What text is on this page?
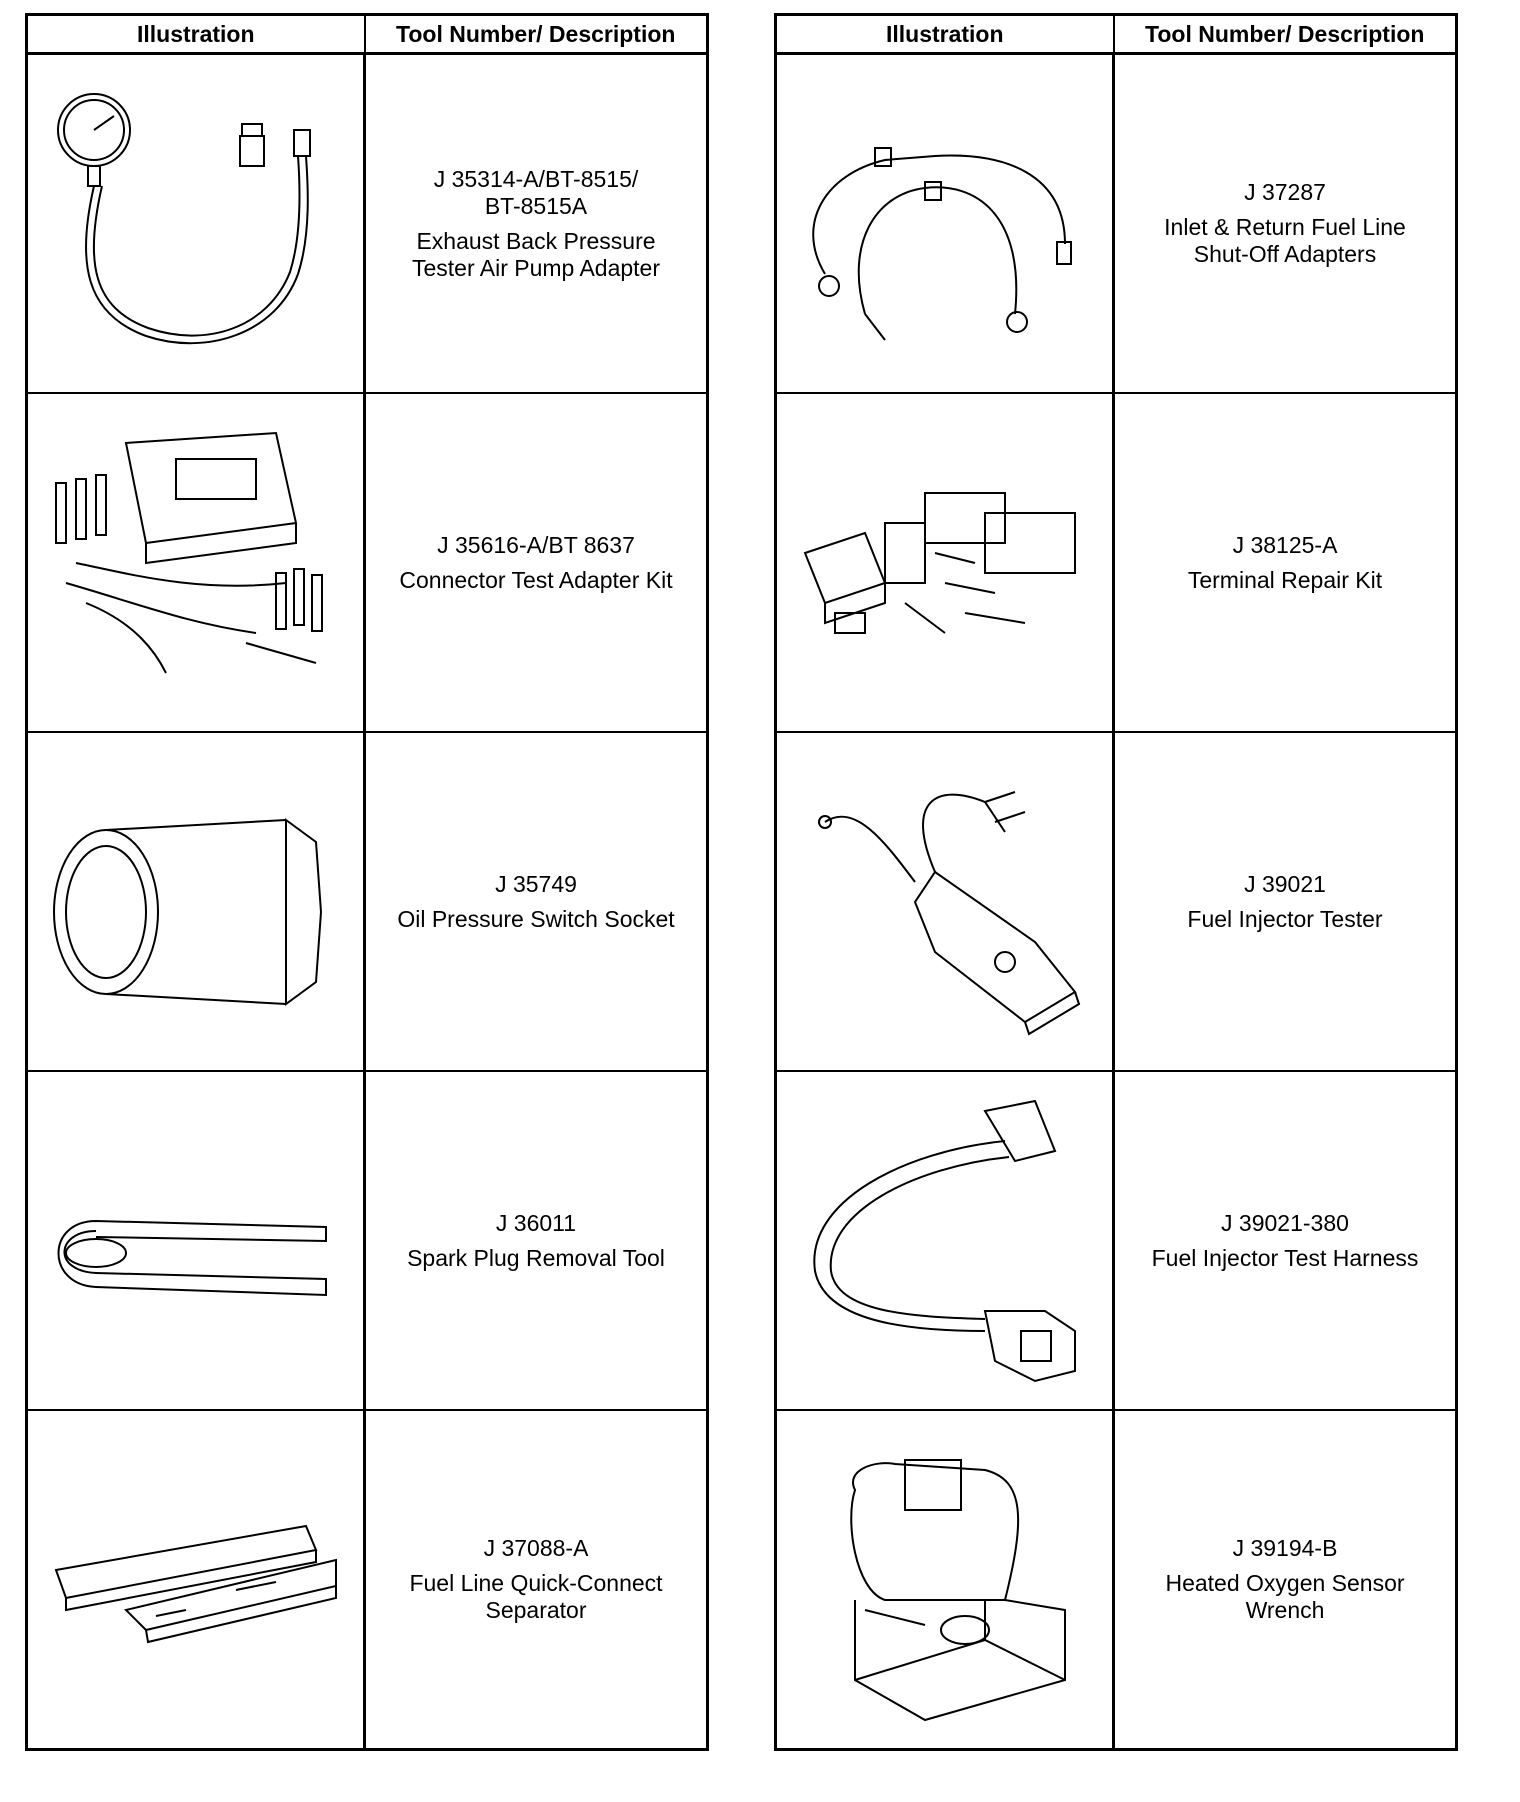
Illustration	Tool Number/ Description

J 35314-A/BT-8515/
BT-8515A
Exhaust Back Pressure
Tester Air Pump Adapter

J 35616-A/BT 8637
Connector Test Adapter Kit

J 35749
Oil Pressure Switch Socket

J 36011
Spark Plug Removal Tool

J 37088-A
Fuel Line Quick-Connect
Separator
Illustration	Tool Number/ Description

J 37287
Inlet & Return Fuel Line
Shut-Off Adapters

J 38125-A
Terminal Repair Kit

J 39021
Fuel Injector Tester

J 39021-380
Fuel Injector Test Harness

J 39194-B
Heated Oxygen Sensor
Wrench
